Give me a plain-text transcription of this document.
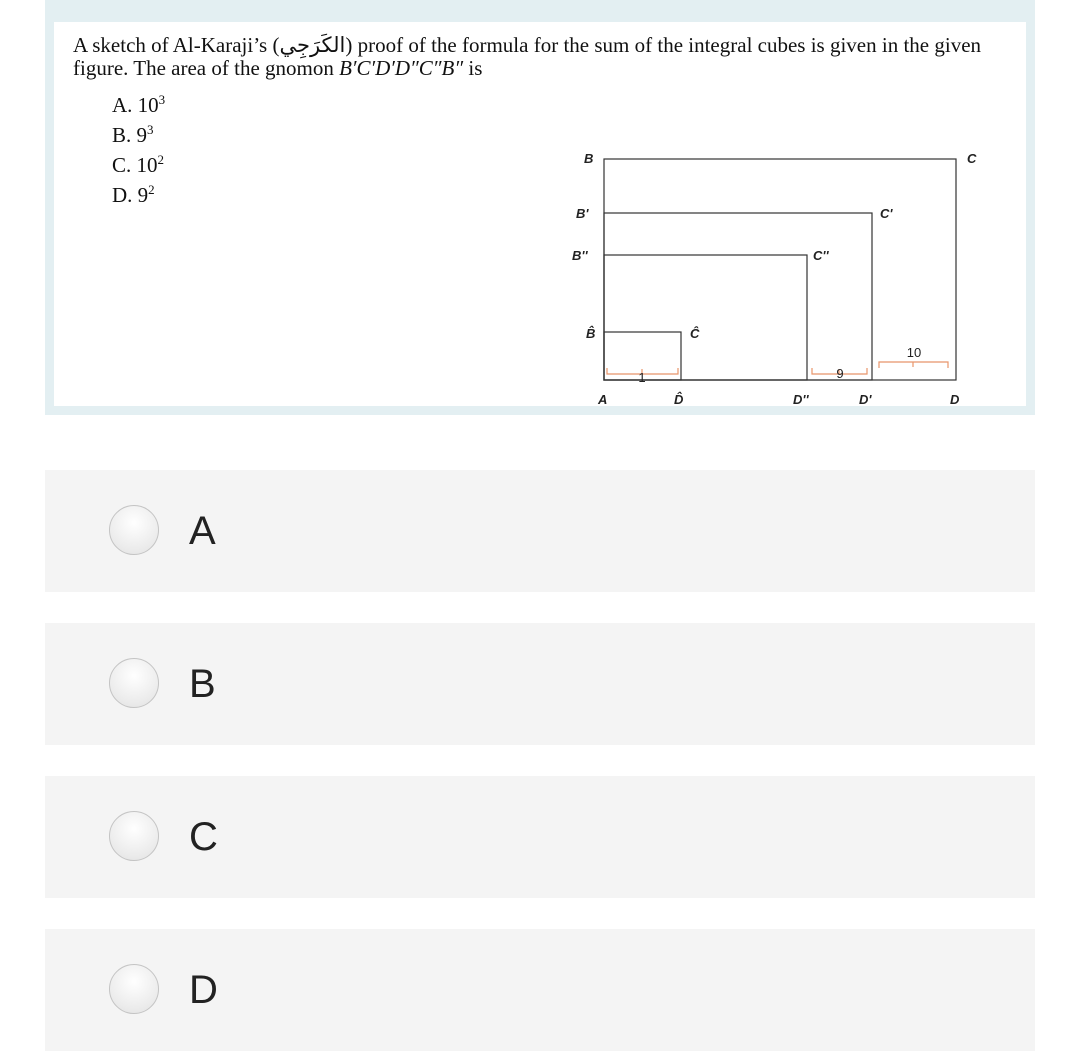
A sketch of Al-Karaji’s (الكَرَجِي) proof of the formula for the sum of the integral cubes is given in the given figure. The area of the gnomon B′C′D′D″C″B″ is
A. $10^3$
B. $9^3$
C. $10^2$
D. $9^2$
B	C
B'	C'
B''	C''
B̂	Ĉ
A	D̂	D''	D'	D
1	9
10
A
B
C
D
